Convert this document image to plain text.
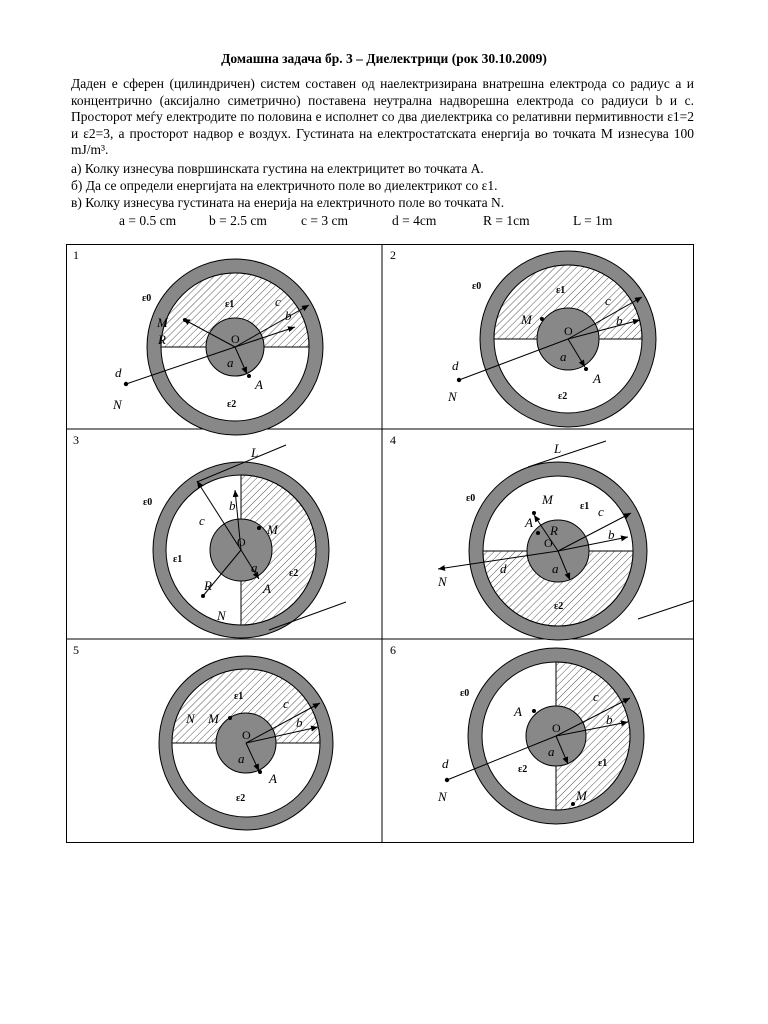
Домашна задача бр. 3 – Диелектрици (рок 30.10.2009)

Даден е сферен (цилиндричен) систем составен од наелектризирана внатрешна електрода со радиус a и концентрично (аксијално симетрично) поставена неутрална надворешна електрода со радиуси b и c. Просторот меѓу електродите по половина е исполнет со два диелектрика со релативни пермитивности ε1=2 и ε2=3, а просторот надвор е воздух. Густината на електростатската енергија во точката M изнесува 100 mJ/m³.

а) Колку изнесува површинската густина на електрицитет во точката A.
б) Да се определи енергијата на електричното поле во диелектрикот со ε1.
в) Колку изнесува густината на енерија на електричното поле во точката N.
a = 0.5 cm b = 2.5 cm	c = 3 cm	d = 4cm	R = 1cm	L = 1m
O
a
b
c
M
R
A
d
N
ε1
ε2
ε0
1
O
a
b
c
M
A
d
N
ε1
ε2
ε0
2
O
a
b
c
M
R	A
N
L
ε1
ε2
ε0
3
O
a
b
c
M
A
R
d
N
L
ε1
ε2
ε0
4
O
a
b
c
M
N
A
ε1
ε2
5
O
a
b
c
M
A
d
N
ε1
ε2
ε0
6
